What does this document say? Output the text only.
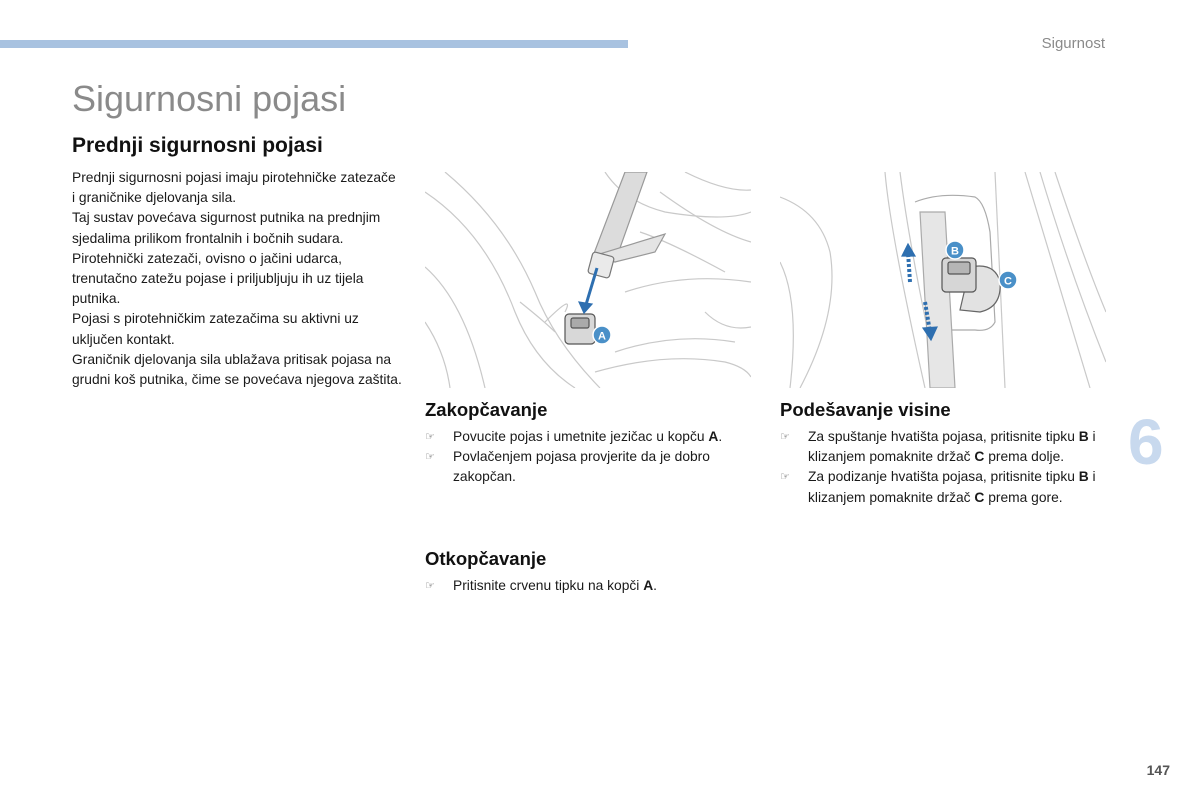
Sigurnost
Sigurnosni pojasi
Prednji sigurnosni pojasi

Prednji sigurnosni pojasi imaju pirotehničke zatezače i graničnike djelovanja sila.

Taj sustav povećava sigurnost putnika na prednjim sjedalima prilikom frontalnih i bočnih sudara. Pirotehnički zatezači, ovisno o jačini udarca, trenutačno zatežu pojase i priljubljuju ih uz tijela putnika.

Pojasi s pirotehničkim zatezačima su aktivni uz uključen kontakt.

Graničnik djelovanja sila ublažava pritisak pojasa na grudni koš putnika, čime se povećava njegova zaštita.

A
B
C
Zakopčavanje
☞ Povucite pojas i umetnite jezičac u kopču A.
☞ Povlačenjem pojasa provjerite da je dobro zakopčan.
Otkopčavanje
☞ Pritisnite crvenu tipku na kopči A.
Podešavanje visine
☞ Za spuštanje hvatišta pojasa, pritisnite tipku B i klizanjem pomaknite držač C prema dolje.
☞ Za podizanje hvatišta pojasa, pritisnite tipku B i klizanjem pomaknite držač C prema gore.
6
147
